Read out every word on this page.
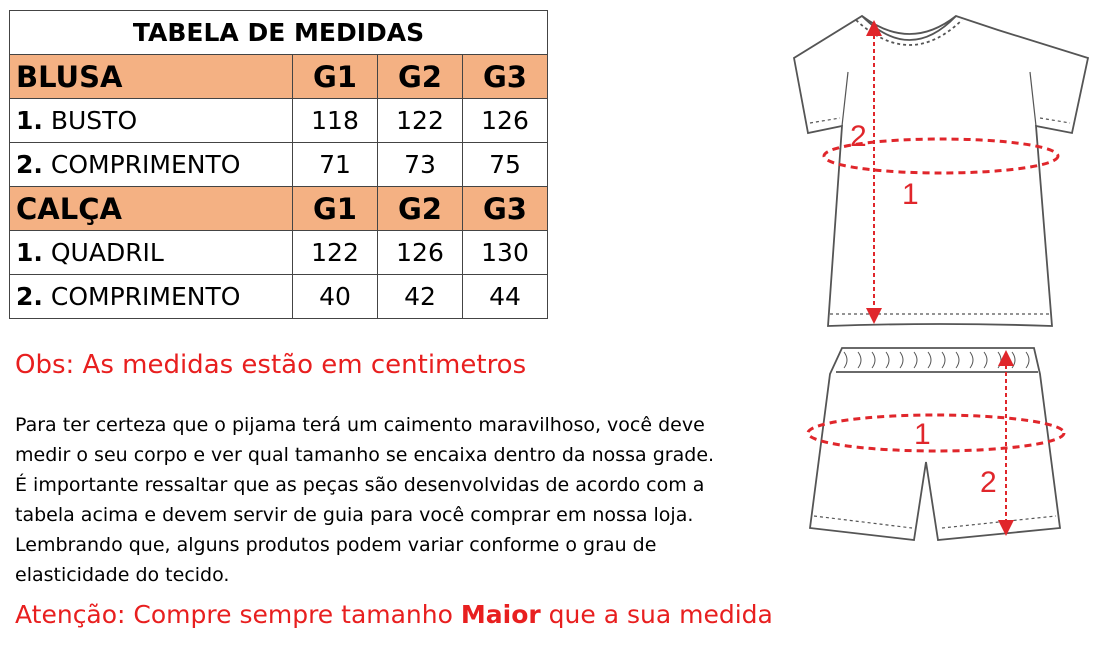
TABELA DE MEDIDAS			
BLUSA	G1	G2	G3
1. BUSTO	118	122	126
2. COMPRIMENTO	71	73	75
CALÇA	G1	G2	G3
1. QUADRIL	122	126	130
2. COMPRIMENTO	40	42	44
Obs: As medidas estão em centimetros
Para ter certeza que o pijama terá um caimento maravilhoso, você deve
medir o seu corpo e ver qual tamanho se encaixa dentro da nossa grade.
É importante ressaltar que as peças são desenvolvidas de acordo com a
tabela acima e devem servir de guia para você comprar em nossa loja.
Lembrando que, alguns produtos podem variar conforme o grau de
elasticidade do tecido.
Atenção: Compre sempre tamanho Maior que a sua medida
2
1
1
2
